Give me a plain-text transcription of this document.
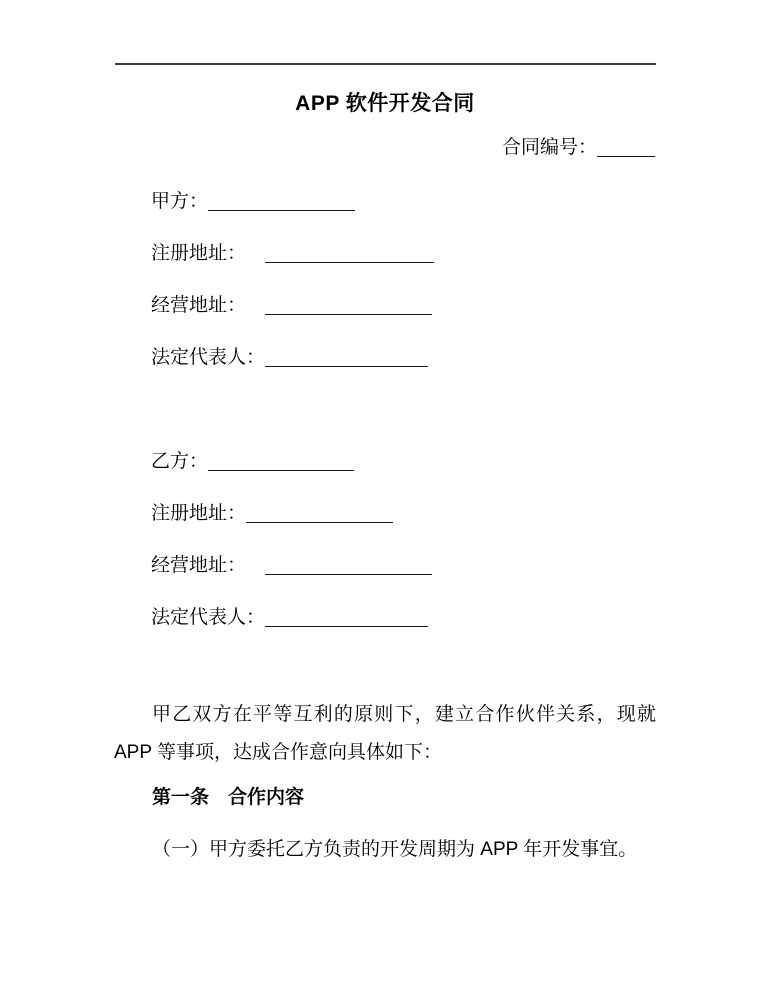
APP 软件开发合同
合同编号：
甲方：
注册地址：
经营地址：
法定代表人：
乙方：
注册地址：
经营地址：
法定代表人：

甲乙双方在平等互利的原则下，建立合作伙伴关系，现就 APP 等事项，达成合作意向具体如下：

第一条　合作内容

（一）甲方委托乙方负责的开发周期为 APP 年开发事宜。
